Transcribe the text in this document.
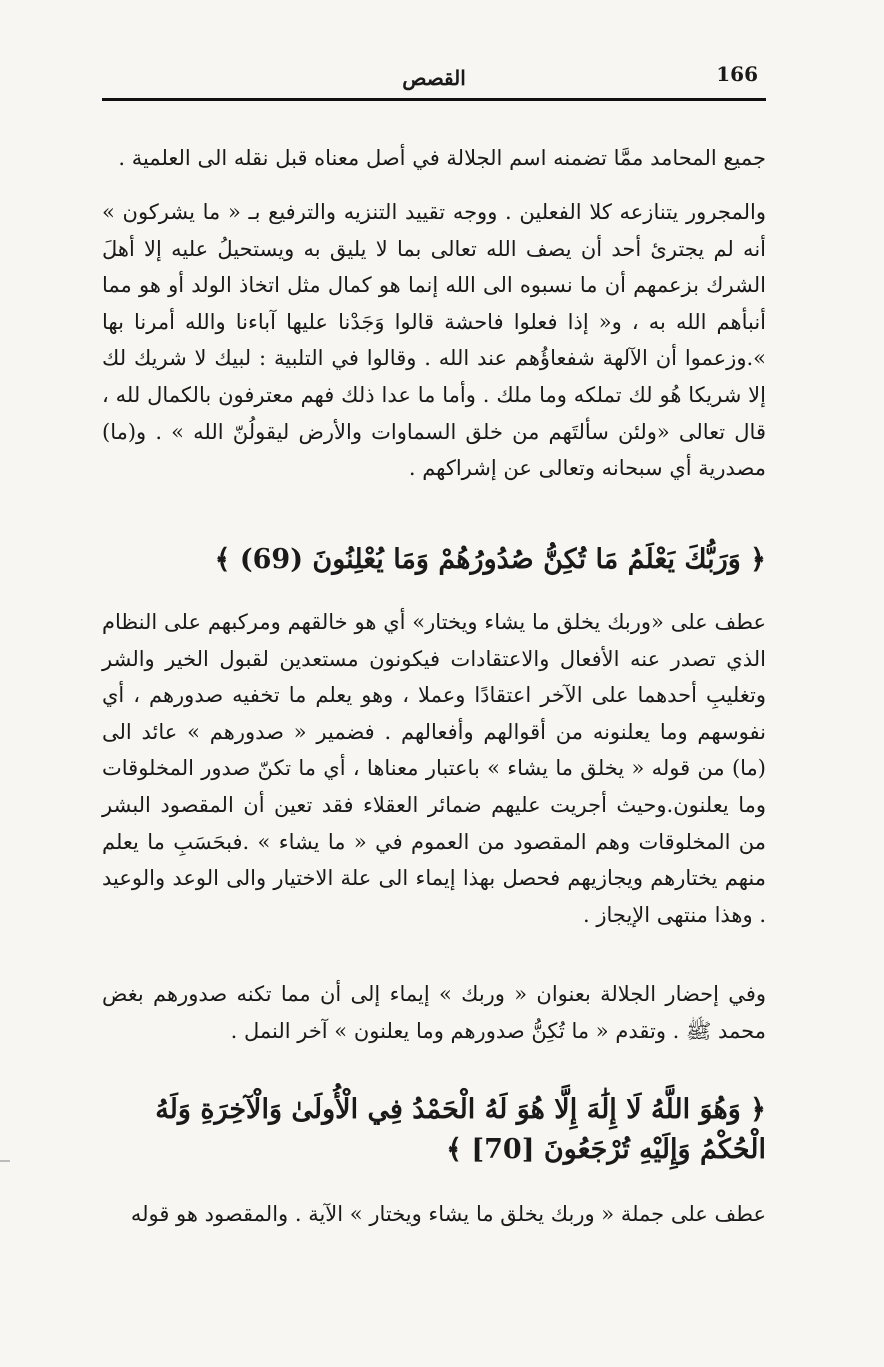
166
القصص

جميع المحامد ممَّا تضمنه اسم الجلالة في أصل معناه قبل نقله الى العلمية .

والمجرور يتنازعه كلا الفعلين . ووجه تقييد التنزيه والترفيع بـ « ما يشركون » أنه لم يجترئ أحد أن يصف الله تعالى بما لا يليق به ويستحيلُ عليه إلا أهلَ الشرك بزعمهم أن ما نسبوه الى الله إنما هو كمال مثل اتخاذ الولد أو هو مما أنبأهم الله به ، و« إذا فعلوا فاحشة قالوا وَجَدْنا عليها آباءنا والله أمرنا بها ».وزعموا أن الآلهة شفعاؤُهم عند الله . وقالوا في التلبية : لبيك لا شريك لك إلا شريكا هُو لك تملكه وما ملك . وأما ما عدا ذلك فهم معترفون بالكمال لله ، قال تعالى «ولئن سألتَهم من خلق السماوات والأرض ليقولُنّ الله » . و(ما) مصدرية أي سبحانه وتعالى عن إشراكهم .

﴿ وَرَبُّكَ يَعْلَمُ مَا تُكِنُّ صُدُورُهُمْ وَمَا يُعْلِنُونَ (69) ﴾

عطف على «وربك يخلق ما يشاء ويختار» أي هو خالقهم ومركبهم على النظام الذي تصدر عنه الأفعال والاعتقادات فيكونون مستعدين لقبول الخير والشر وتغليبِ أحدهما على الآخر اعتقادًا وعملا ، وهو يعلم ما تخفيه صدورهم ، أي نفوسهم وما يعلنونه من أقوالهم وأفعالهم . فضمير « صدورهم » عائد الى (ما) من قوله « يخلق ما يشاء » باعتبار معناها ، أي ما تكنّ صدور المخلوقات وما يعلنون.وحيث أجريت عليهم ضمائر العقلاء فقد تعين أن المقصود البشر من المخلوقات وهم المقصود من العموم في « ما يشاء » .فبحَسَبِ ما يعلم منهم يختارهم ويجازيهم فحصل بهذا إيماء الى علة الاختيار والى الوعد والوعيد . وهذا منتهى الإيجاز .

وفي إحضار الجلالة بعنوان « وربك » إيماء إلى أن مما تكنه صدورهم بغض محمد ﷺ . وتقدم « ما تُكِنُّ صدورهم وما يعلنون » آخر النمل .

﴿ وَهُوَ اللَّهُ لَا إِلَٰهَ إِلَّا هُوَ لَهُ الْحَمْدُ فِي الْأُولَىٰ وَالْآخِرَةِ وَلَهُ الْحُكْمُ وَإِلَيْهِ تُرْجَعُونَ [70] ﴾

عطف على جملة « وربك يخلق ما يشاء ويختار » الآية . والمقصود هو قوله
